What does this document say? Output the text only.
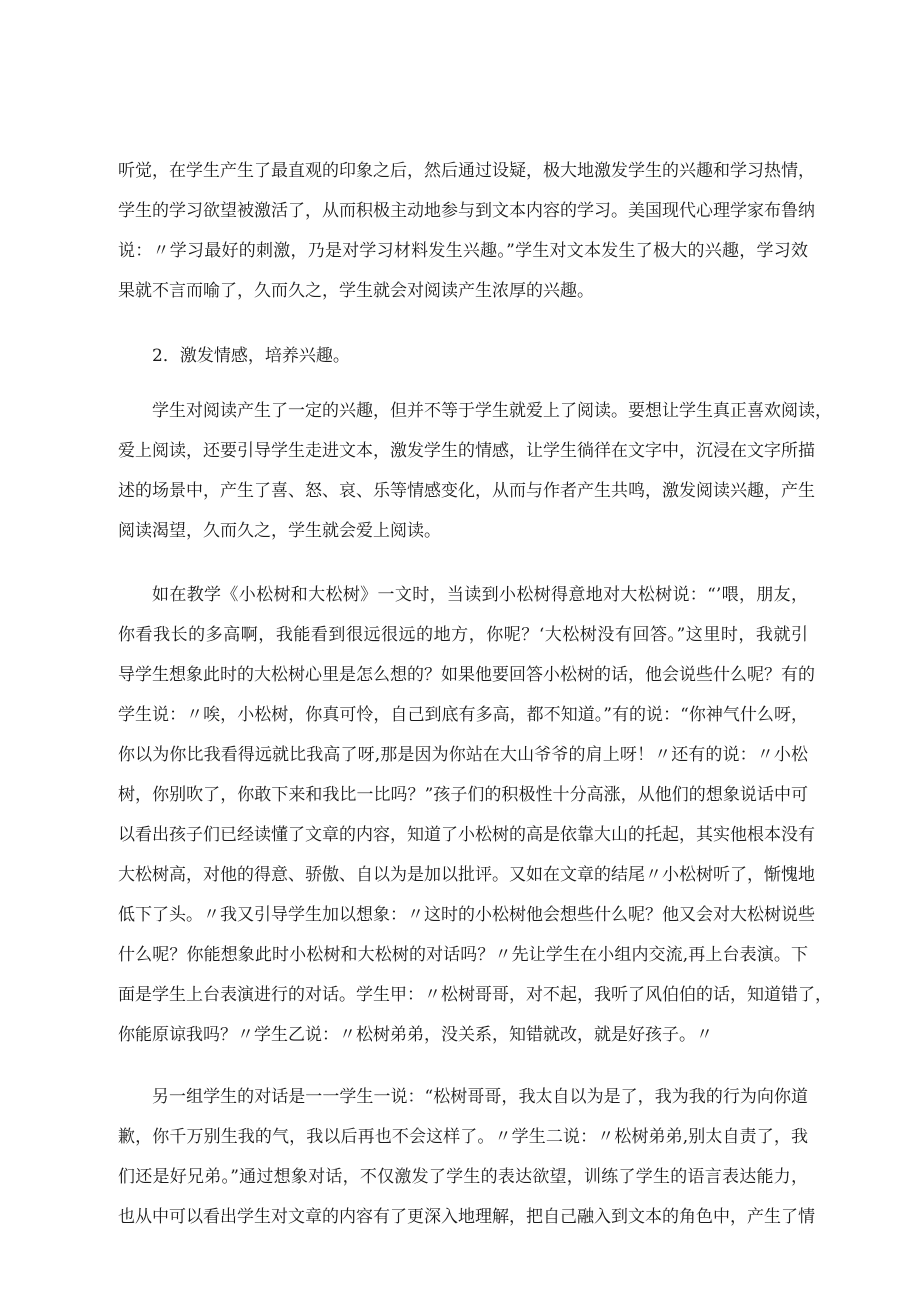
听觉，在学生产生了最直观的印象之后，然后通过设疑，极大地激发学生的兴趣和学习热情，
学生的学习欲望被激活了，从而积极主动地参与到文本内容的学习。美国现代心理学家布鲁纳
说：〃学习最好的刺激，乃是对学习材料发生兴趣。”学生对文本发生了极大的兴趣，学习效
果就不言而喻了，久而久之，学生就会对阅读产生浓厚的兴趣。
2．激发情感，培养兴趣。
学生对阅读产生了一定的兴趣，但并不等于学生就爱上了阅读。要想让学生真正喜欢阅读，
爱上阅读，还要引导学生走进文本，激发学生的情感，让学生徜徉在文字中，沉浸在文字所描
述的场景中，产生了喜、怒、哀、乐等情感变化，从而与作者产生共鸣，激发阅读兴趣，产生
阅读渴望，久而久之，学生就会爱上阅读。
如在教学《小松树和大松树》一文时，当读到小松树得意地对大松树说：“’喂，朋友，
你看我长的多高啊，我能看到很远很远的地方，你呢？‘大松树没有回答。”这里时，我就引
导学生想象此时的大松树心里是怎么想的？如果他要回答小松树的话，他会说些什么呢？有的
学生说：〃唉，小松树，你真可怜，自己到底有多高，都不知道。”有的说：“你神气什么呀，
你以为你比我看得远就比我高了呀,那是因为你站在大山爷爷的肩上呀！〃还有的说：〃小松
树，你别吹了，你敢下来和我比一比吗？”孩子们的积极性十分高涨，从他们的想象说话中可
以看出孩子们已经读懂了文章的内容，知道了小松树的高是依靠大山的托起，其实他根本没有
大松树高，对他的得意、骄傲、自以为是加以批评。又如在文章的结尾〃小松树听了，惭愧地
低下了头。〃我又引导学生加以想象：〃这时的小松树他会想些什么呢？他又会对大松树说些
什么呢？你能想象此时小松树和大松树的对话吗？〃先让学生在小组内交流,再上台表演。下
面是学生上台表演进行的对话。学生甲：〃松树哥哥，对不起，我听了风伯伯的话，知道错了，
你能原谅我吗？〃学生乙说：〃松树弟弟，没关系，知错就改，就是好孩子。〃
另一组学生的对话是一一学生一说：“松树哥哥，我太自以为是了，我为我的行为向你道
歉，你千万别生我的气，我以后再也不会这样了。〃学生二说：〃松树弟弟,别太自责了，我
们还是好兄弟。”通过想象对话，不仅激发了学生的表达欲望，训练了学生的语言表达能力，
也从中可以看出学生对文章的内容有了更深入地理解，把自己融入到文本的角色中，产生了情
